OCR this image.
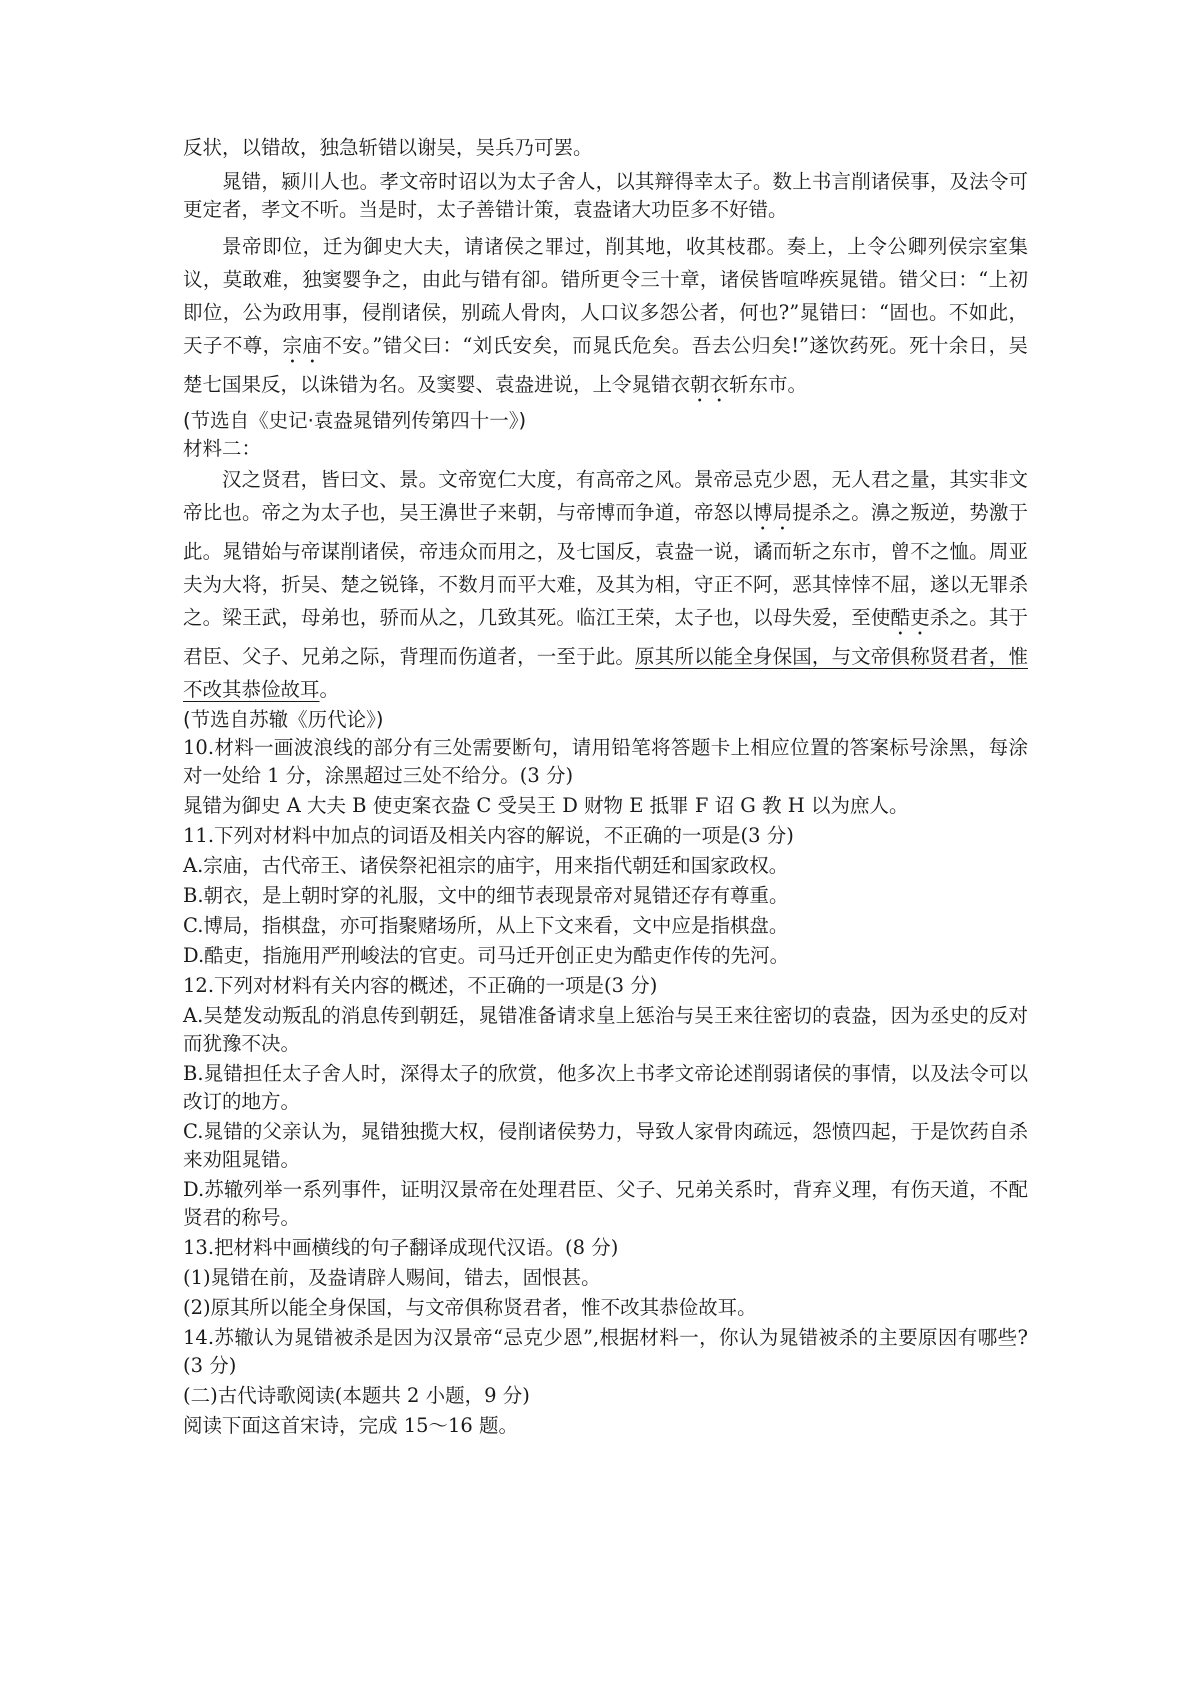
反状，以错故，独急斩错以谢吴，吴兵乃可罢。

晁错，颍川人也。孝文帝时诏以为太子舍人，以其辩得幸太子。数上书言削诸侯事，及法令可更定者，孝文不听。当是时，太子善错计策，袁盎诸大功臣多不好错。

景帝即位，迁为御史大夫，请诸侯之罪过，削其地，收其枝郡。奏上，上令公卿列侯宗室集议，莫敢难，独窦婴争之，由此与错有卻。错所更令三十章，诸侯皆喧哗疾晁错。错父曰：“上初即位，公为政用事，侵削诸侯，别疏人骨肉，人口议多怨公者，何也?”晁错曰：“固也。不如此，天子不尊，宗庙不安。”错父曰：“刘氏安矣，而晁氏危矣。吾去公归矣!”遂饮药死。死十余日，吴楚七国果反，以诛错为名。及窦婴、袁盎进说，上令晁错衣朝衣斩东市。

(节选自《史记·袁盎晁错列传第四十一》)

材料二：

汉之贤君，皆曰文、景。文帝宽仁大度，有高帝之风。景帝忌克少恩，无人君之量，其实非文帝比也。帝之为太子也，吴王濞世子来朝，与帝博而争道，帝怒以博局提杀之。濞之叛逆，势激于此。晁错始与帝谋削诸侯，帝违众而用之，及七国反，袁盎一说，谲而斩之东市，曾不之恤。周亚夫为大将，折吴、楚之锐锋，不数月而平大难，及其为相，守正不阿，恶其悻悻不屈，遂以无罪杀之。梁王武，母弟也，骄而从之，几致其死。临江王荣，太子也，以母失爱，至使酷吏杀之。其于君臣、父子、兄弟之际，背理而伤道者，一至于此。原其所以能全身保国，与文帝俱称贤君者，惟不改其恭俭故耳。

(节选自苏辙《历代论》)

10.材料一画波浪线的部分有三处需要断句，请用铅笔将答题卡上相应位置的答案标号涂黑，每涂对一处给 1 分，涂黑超过三处不给分。(3 分)

晁错为御史 A 大夫 B 使吏案衣盎 C 受吴王 D 财物 E 抵罪 F 诏 G 教 H 以为庶人。

11.下列对材料中加点的词语及相关内容的解说，不正确的一项是(3 分)

A.宗庙，古代帝王、诸侯祭祀祖宗的庙宇，用来指代朝廷和国家政权。

B.朝衣，是上朝时穿的礼服，文中的细节表现景帝对晁错还存有尊重。

C.博局，指棋盘，亦可指聚赌场所，从上下文来看，文中应是指棋盘。

D.酷吏，指施用严刑峻法的官吏。司马迁开创正史为酷吏作传的先河。

12.下列对材料有关内容的概述，不正确的一项是(3 分)

A.吴楚发动叛乱的消息传到朝廷，晁错准备请求皇上惩治与吴王来往密切的袁盎，因为丞史的反对而犹豫不决。

B.晁错担任太子舍人时，深得太子的欣赏，他多次上书孝文帝论述削弱诸侯的事情，以及法令可以改订的地方。

C.晁错的父亲认为，晁错独揽大权，侵削诸侯势力，导致人家骨肉疏远，怨愤四起，于是饮药自杀来劝阻晁错。

D.苏辙列举一系列事件，证明汉景帝在处理君臣、父子、兄弟关系时，背弃义理，有伤天道，不配贤君的称号。

13.把材料中画横线的句子翻译成现代汉语。(8 分)

(1)晁错在前，及盎请辟人赐间，错去，固恨甚。

(2)原其所以能全身保国，与文帝俱称贤君者，惟不改其恭俭故耳。

14.苏辙认为晁错被杀是因为汉景帝“忌克少恩”,根据材料一，你认为晁错被杀的主要原因有哪些?(3 分)

(二)古代诗歌阅读(本题共 2 小题，9 分)

阅读下面这首宋诗，完成 15～16 题。
